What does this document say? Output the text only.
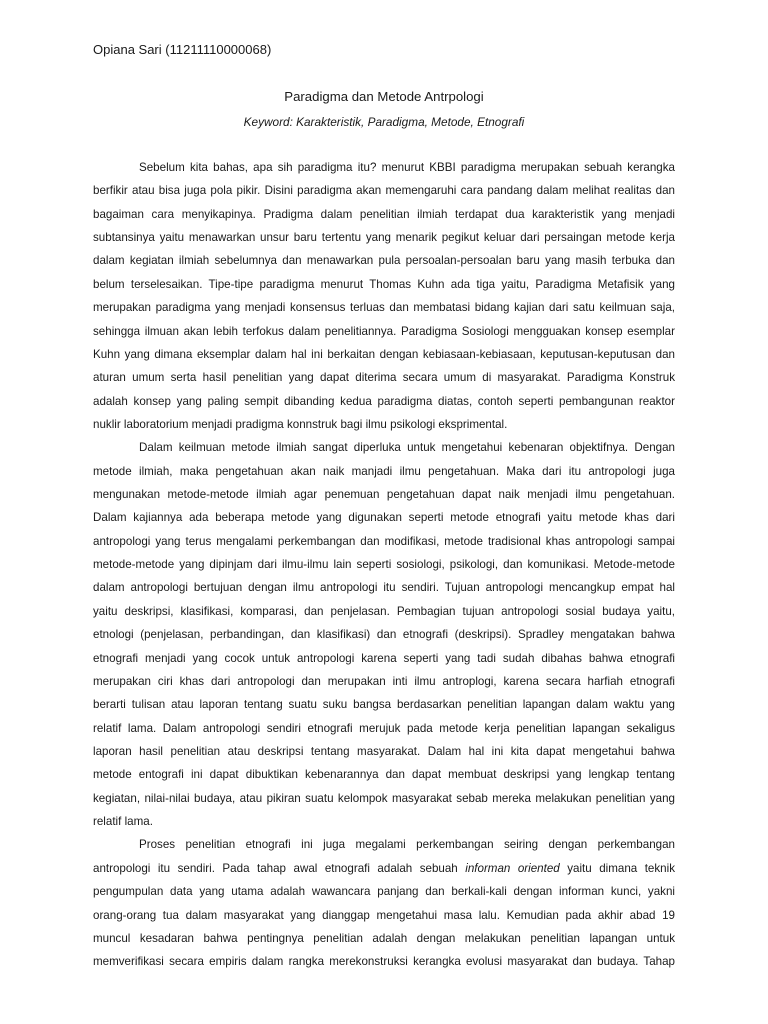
Opiana Sari (11211110000068)
Paradigma dan Metode Antrpologi
Keyword: Karakteristik, Paradigma, Metode, Etnografi
Sebelum kita bahas, apa sih paradigma itu? menurut KBBI paradigma merupakan sebuah kerangka
berfikir atau bisa juga pola pikir. Disini paradigma akan memengaruhi cara pandang dalam melihat realitas dan
bagaiman cara menyikapinya. Pradigma dalam penelitian ilmiah terdapat dua karakteristik yang menjadi
subtansinya yaitu menawarkan unsur baru tertentu yang menarik pegikut keluar dari persaingan metode kerja
dalam kegiatan ilmiah sebelumnya dan menawarkan pula persoalan-persoalan baru yang masih terbuka dan
belum terselesaikan. Tipe-tipe paradigma menurut Thomas Kuhn ada tiga yaitu, Paradigma Metafisik yang
merupakan paradigma yang menjadi konsensus terluas dan membatasi bidang kajian dari satu keilmuan saja,
sehingga ilmuan akan lebih terfokus dalam penelitiannya. Paradigma Sosiologi mengguakan konsep esemplar
Kuhn yang dimana eksemplar dalam hal ini berkaitan dengan kebiasaan-kebiasaan, keputusan-keputusan dan
aturan umum serta hasil penelitian yang dapat diterima secara umum di masyarakat. Paradigma Konstruk
adalah konsep yang paling sempit dibanding kedua paradigma diatas, contoh seperti pembangunan reaktor
nuklir laboratorium menjadi pradigma konnstruk bagi ilmu psikologi eksprimental.
Dalam keilmuan metode ilmiah sangat diperluka untuk mengetahui kebenaran objektifnya. Dengan
metode ilmiah, maka pengetahuan akan naik manjadi ilmu pengetahuan. Maka dari itu antropologi juga
mengunakan metode-metode ilmiah agar penemuan pengetahuan dapat naik menjadi ilmu pengetahuan.
Dalam kajiannya ada beberapa metode yang digunakan seperti metode etnografi yaitu metode khas dari
antropologi yang terus mengalami perkembangan dan modifikasi, metode tradisional khas antropologi sampai
metode-metode yang dipinjam dari ilmu-ilmu lain seperti sosiologi, psikologi, dan komunikasi. Metode-metode
dalam antropologi bertujuan dengan ilmu antropologi itu sendiri. Tujuan antropologi mencangkup empat hal
yaitu deskripsi, klasifikasi, komparasi, dan penjelasan. Pembagian tujuan antropologi sosial budaya yaitu,
etnologi (penjelasan, perbandingan, dan klasifikasi) dan etnografi (deskripsi). Spradley mengatakan bahwa
etnografi menjadi yang cocok untuk antropologi karena seperti yang tadi sudah dibahas bahwa etnografi
merupakan ciri khas dari antropologi dan merupakan inti ilmu antroplogi, karena secara harfiah etnografi
berarti tulisan atau laporan tentang suatu suku bangsa berdasarkan penelitian lapangan dalam waktu yang
relatif lama. Dalam antropologi sendiri etnografi merujuk pada metode kerja penelitian lapangan sekaligus
laporan hasil penelitian atau deskripsi tentang masyarakat. Dalam hal ini kita dapat mengetahui bahwa
metode entografi ini dapat dibuktikan kebenarannya dan dapat membuat deskripsi yang lengkap tentang
kegiatan, nilai-nilai budaya, atau pikiran suatu kelompok masyarakat sebab mereka melakukan penelitian yang
relatif lama.
Proses penelitian etnografi ini juga megalami perkembangan seiring dengan perkembangan
antropologi itu sendiri. Pada tahap awal etnografi adalah sebuah informan oriented yaitu dimana teknik
pengumpulan data yang utama adalah wawancara panjang dan berkali-kali dengan informan kunci, yakni
orang-orang tua dalam masyarakat yang dianggap mengetahui masa lalu. Kemudian pada akhir abad 19
muncul kesadaran bahwa pentingnya penelitian adalah dengan melakukan penelitian lapangan untuk
memverifikasi secara empiris dalam rangka merekonstruksi kerangka evolusi masyarakat dan budaya. Tahap
